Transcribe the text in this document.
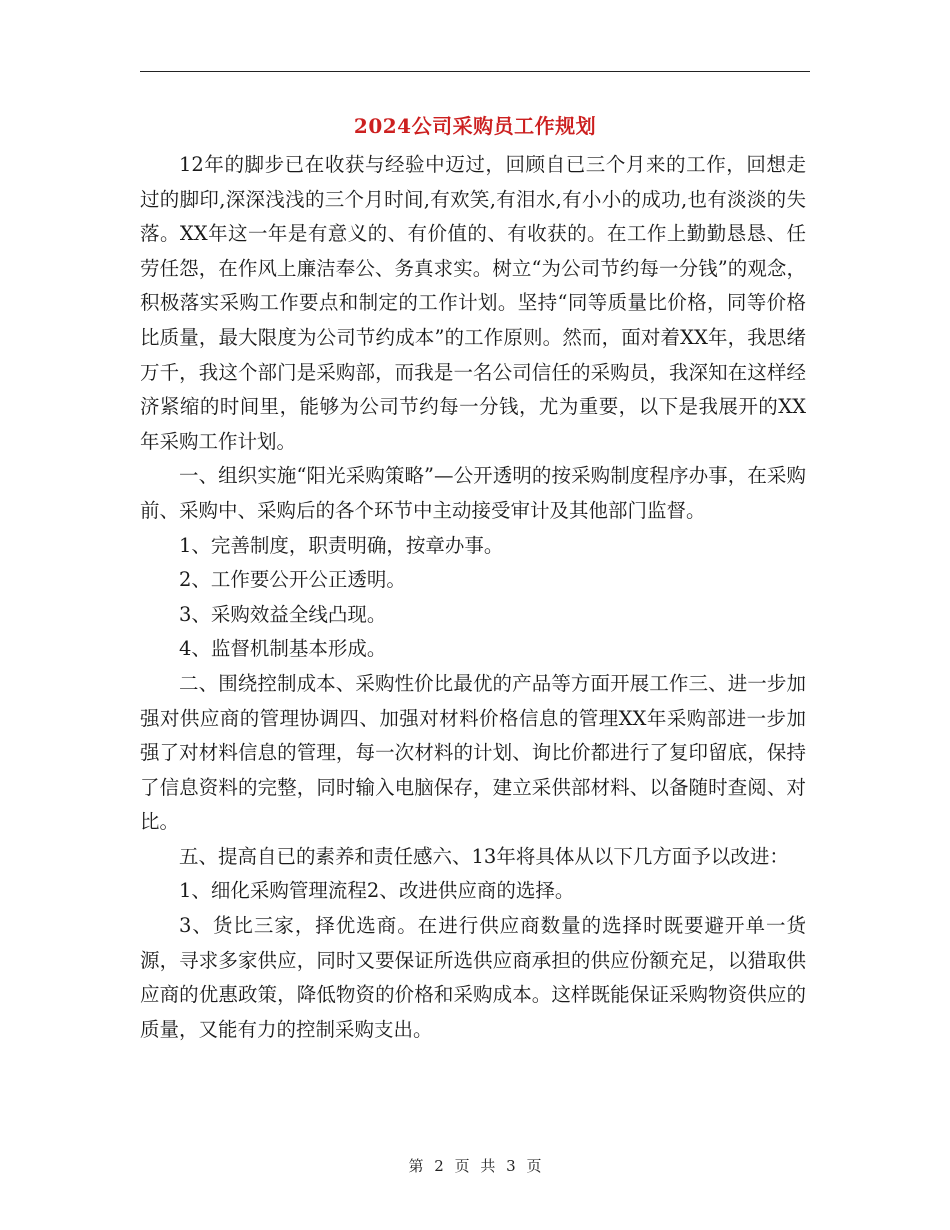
2024公司采购员工作规划

12年的脚步已在收获与经验中迈过，回顾自已三个月来的工作，回想走过的脚印,深深浅浅的三个月时间,有欢笑,有泪水,有小小的成功,也有淡淡的失落。XX年这一年是有意义的、有价值的、有收获的。在工作上勤勤恳恳、任劳任怨，在作风上廉洁奉公、务真求实。树立“为公司节约每一分钱”的观念，积极落实采购工作要点和制定的工作计划。坚持“同等质量比价格，同等价格比质量，最大限度为公司节约成本”的工作原则。然而，面对着XX年，我思绪万千，我这个部门是采购部，而我是一名公司信任的采购员，我深知在这样经济紧缩的时间里，能够为公司节约每一分钱，尤为重要，以下是我展开的XX年采购工作计划。

一、组织实施“阳光采购策略”—公开透明的按采购制度程序办事，在采购前、采购中、采购后的各个环节中主动接受审计及其他部门监督。

1、完善制度，职责明确，按章办事。

2、工作要公开公正透明。

3、采购效益全线凸现。

4、监督机制基本形成。

二、围绕控制成本、采购性价比最优的产品等方面开展工作三、进一步加强对供应商的管理协调四、加强对材料价格信息的管理XX年采购部进一步加强了对材料信息的管理，每一次材料的计划、询比价都进行了复印留底，保持了信息资料的完整，同时输入电脑保存，建立采供部材料、以备随时查阅、对比。

五、提高自已的素养和责任感六、13年将具体从以下几方面予以改进：

1、细化采购管理流程2、改进供应商的选择。

3、货比三家，择优选商。在进行供应商数量的选择时既要避开单一货源，寻求多家供应，同时又要保证所选供应商承担的供应份额充足，以猎取供应商的优惠政策，降低物资的价格和采购成本。这样既能保证采购物资供应的质量，又能有力的控制采购支出。

第 2 页 共 3 页
